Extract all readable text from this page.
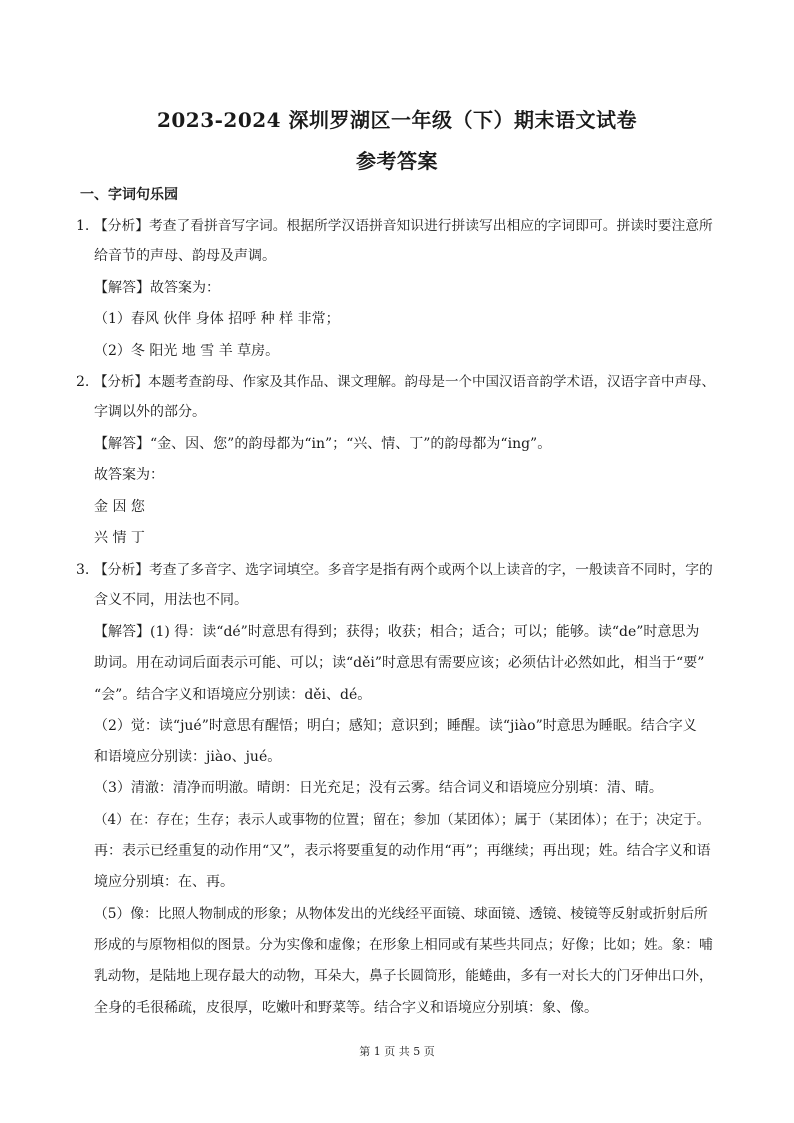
2023-2024 深圳罗湖区一年级（下）期末语文试卷
参考答案
一、字词句乐园
1. 【分析】考查了看拼音写字词。根据所学汉语拼音知识进行拼读写出相应的字词即可。拼读时要注意所
给音节的声母、韵母及声调。
【解答】故答案为：
（1）春风 伙伴 身体 招呼 种 样 非常；
（2）冬 阳光 地 雪 羊 草房。
2. 【分析】本题考查韵母、作家及其作品、课文理解。韵母是一个中国汉语音韵学术语，汉语字音中声母、
字调以外的部分。
【解答】“金、因、您”的韵母都为“in”；“兴、情、丁”的韵母都为“ing”。
故答案为：
金 因 您
兴 情 丁
3. 【分析】考查了多音字、选字词填空。多音字是指有两个或两个以上读音的字，一般读音不同时，字的
含义不同，用法也不同。
【解答】(1) 得：读“dé”时意思有得到；获得；收获；相合；适合；可以；能够。读“de”时意思为
助词。用在动词后面表示可能、可以；读“děi”时意思有需要应该；必须估计必然如此，相当于“要”
“会”。结合字义和语境应分别读：děi、dé。
（2）觉：读“jué”时意思有醒悟；明白；感知；意识到；睡醒。读“jiào”时意思为睡眠。结合字义
和语境应分别读：jiào、jué。
（3）清澈：清净而明澈。晴朗：日光充足；没有云雾。结合词义和语境应分别填：清、晴。
（4）在：存在；生存；表示人或事物的位置；留在；参加（某团体）；属于（某团体）；在于；决定于。
再：表示已经重复的动作用“又”，表示将要重复的动作用“再”；再继续；再出现；姓。结合字义和语
境应分别填：在、再。
（5）像：比照人物制成的形象；从物体发出的光线经平面镜、球面镜、透镜、棱镜等反射或折射后所
形成的与原物相似的图景。分为实像和虚像；在形象上相同或有某些共同点；好像；比如；姓。象：哺
乳动物，是陆地上现存最大的动物，耳朵大，鼻子长圆筒形，能蜷曲，多有一对长大的门牙伸出口外，
全身的毛很稀疏，皮很厚，吃嫩叶和野菜等。结合字义和语境应分别填：象、像。
第 1 页 共 5 页
